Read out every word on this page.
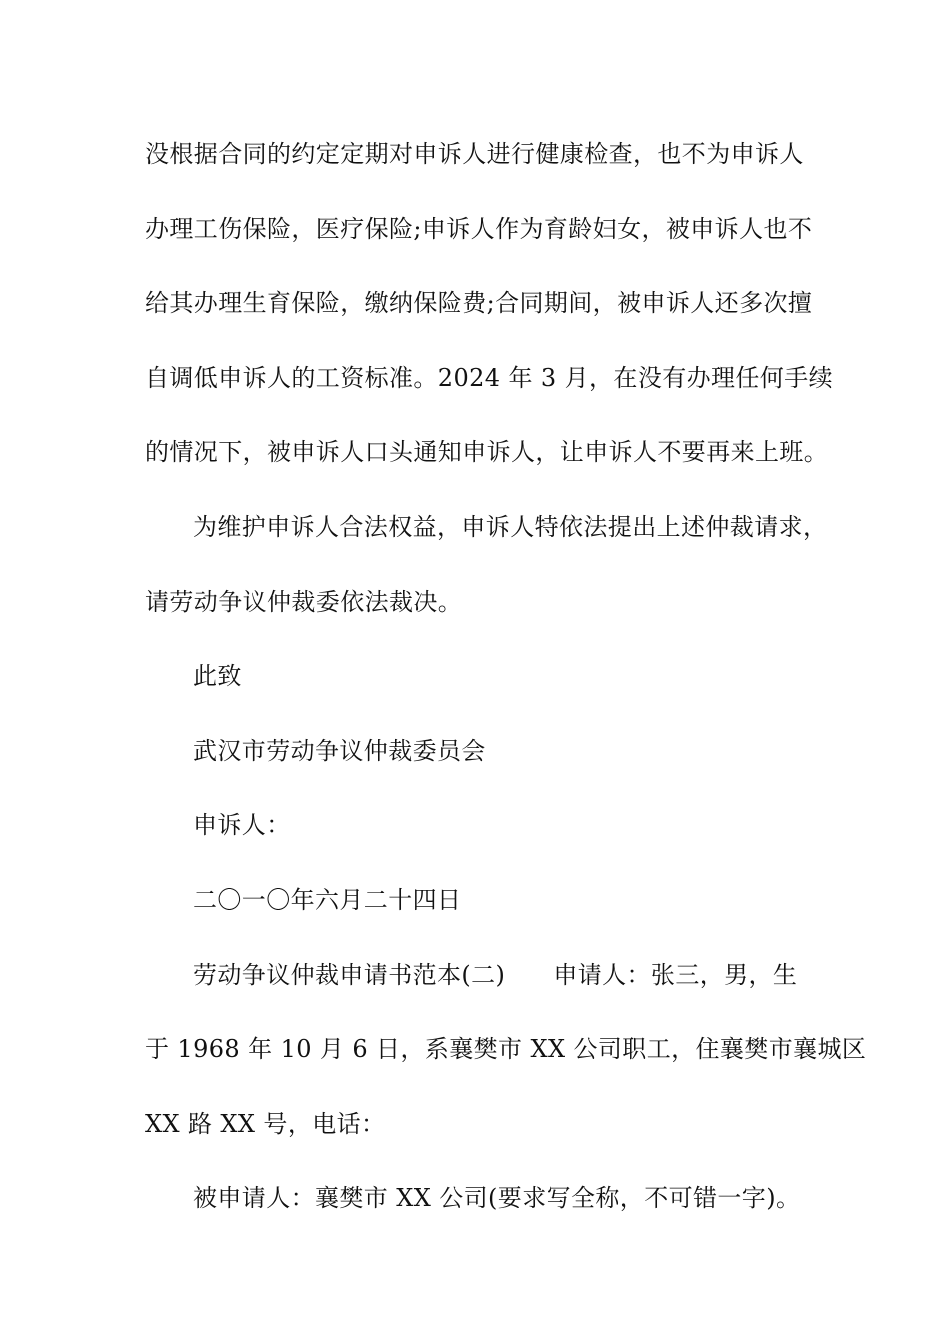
没根据合同的约定定期对申诉人进行健康检查，也不为申诉人
办理工伤保险，医疗保险;申诉人作为育龄妇女，被申诉人也不
给其办理生育保险，缴纳保险费;合同期间，被申诉人还多次擅
自调低申诉人的工资标准。2024 年 3 月，在没有办理任何手续
的情况下，被申诉人口头通知申诉人，让申诉人不要再来上班。
为维护申诉人合法权益，申诉人特依法提出上述仲裁请求，
请劳动争议仲裁委依法裁决。
此致
武汉市劳动争议仲裁委员会
申诉人：
二〇一〇年六月二十四日
劳动争议仲裁申请书范本(二) 申请人：张三，男，生
于 1968 年 10 月 6 日，系襄樊市 XX 公司职工，住襄樊市襄城区
XX 路 XX 号，电话：
被申请人：襄樊市 XX 公司(要求写全称，不可错一字)。
